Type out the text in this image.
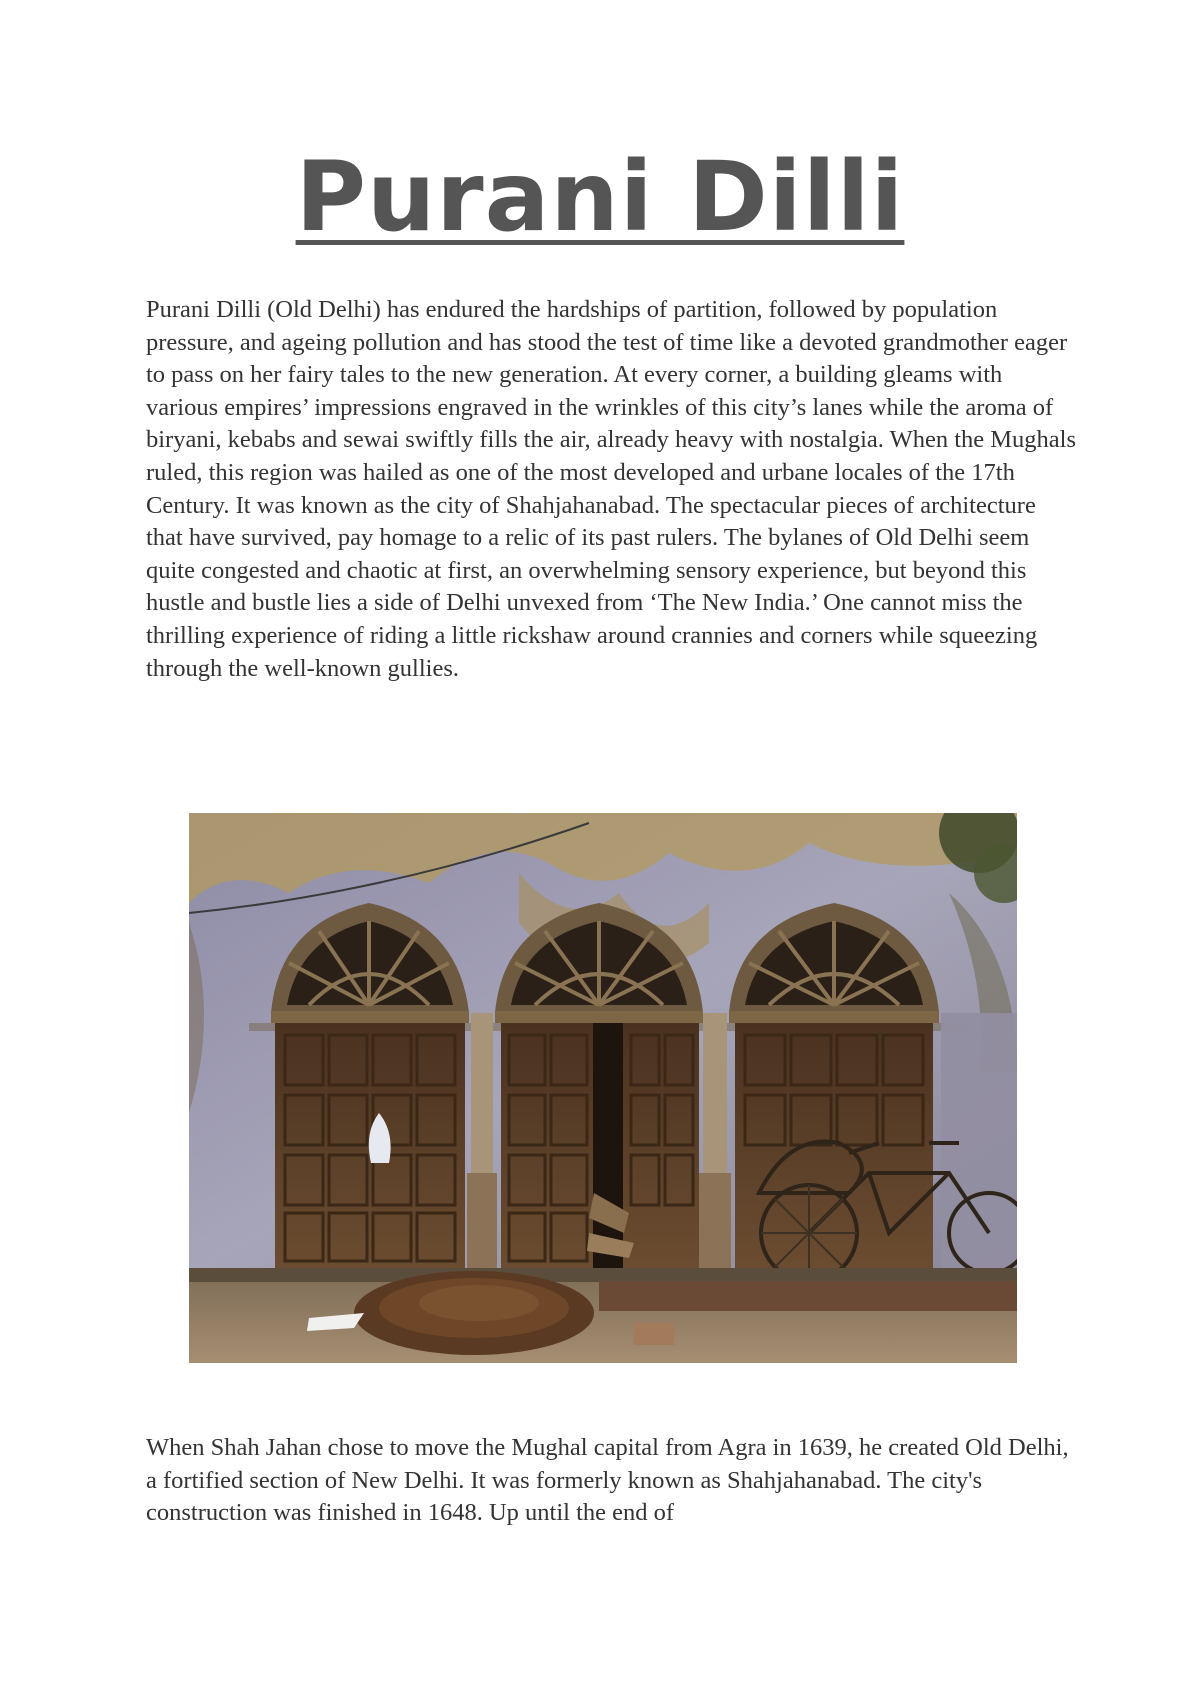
Purani Dilli

Purani Dilli (Old Delhi) has endured the hardships of partition, followed by population pressure, and ageing pollution and has stood the test of time like a devoted grandmother eager to pass on her fairy tales to the new generation. At every corner, a building gleams with various empires’ impressions engraved in the wrinkles of this city’s lanes while the aroma of biryani, kebabs and sewai swiftly fills the air, already heavy with nostalgia. When the Mughals ruled, this region was hailed as one of the most developed and urbane locales of the 17th Century. It was known as the city of Shahjahanabad. The spectacular pieces of architecture that have survived, pay homage to a relic of its past rulers. The bylanes of Old Delhi seem quite congested and chaotic at first, an overwhelming sensory experience, but beyond this hustle and bustle lies a side of Delhi unvexed from ‘The New India.’ One cannot miss the thrilling experience of riding a little rickshaw around crannies and corners while squeezing through the well-known gullies.

When Shah Jahan chose to move the Mughal capital from Agra in 1639, he created Old Delhi, a fortified section of New Delhi. It was formerly known as Shahjahanabad. The city's construction was finished in 1648. Up until the end of
